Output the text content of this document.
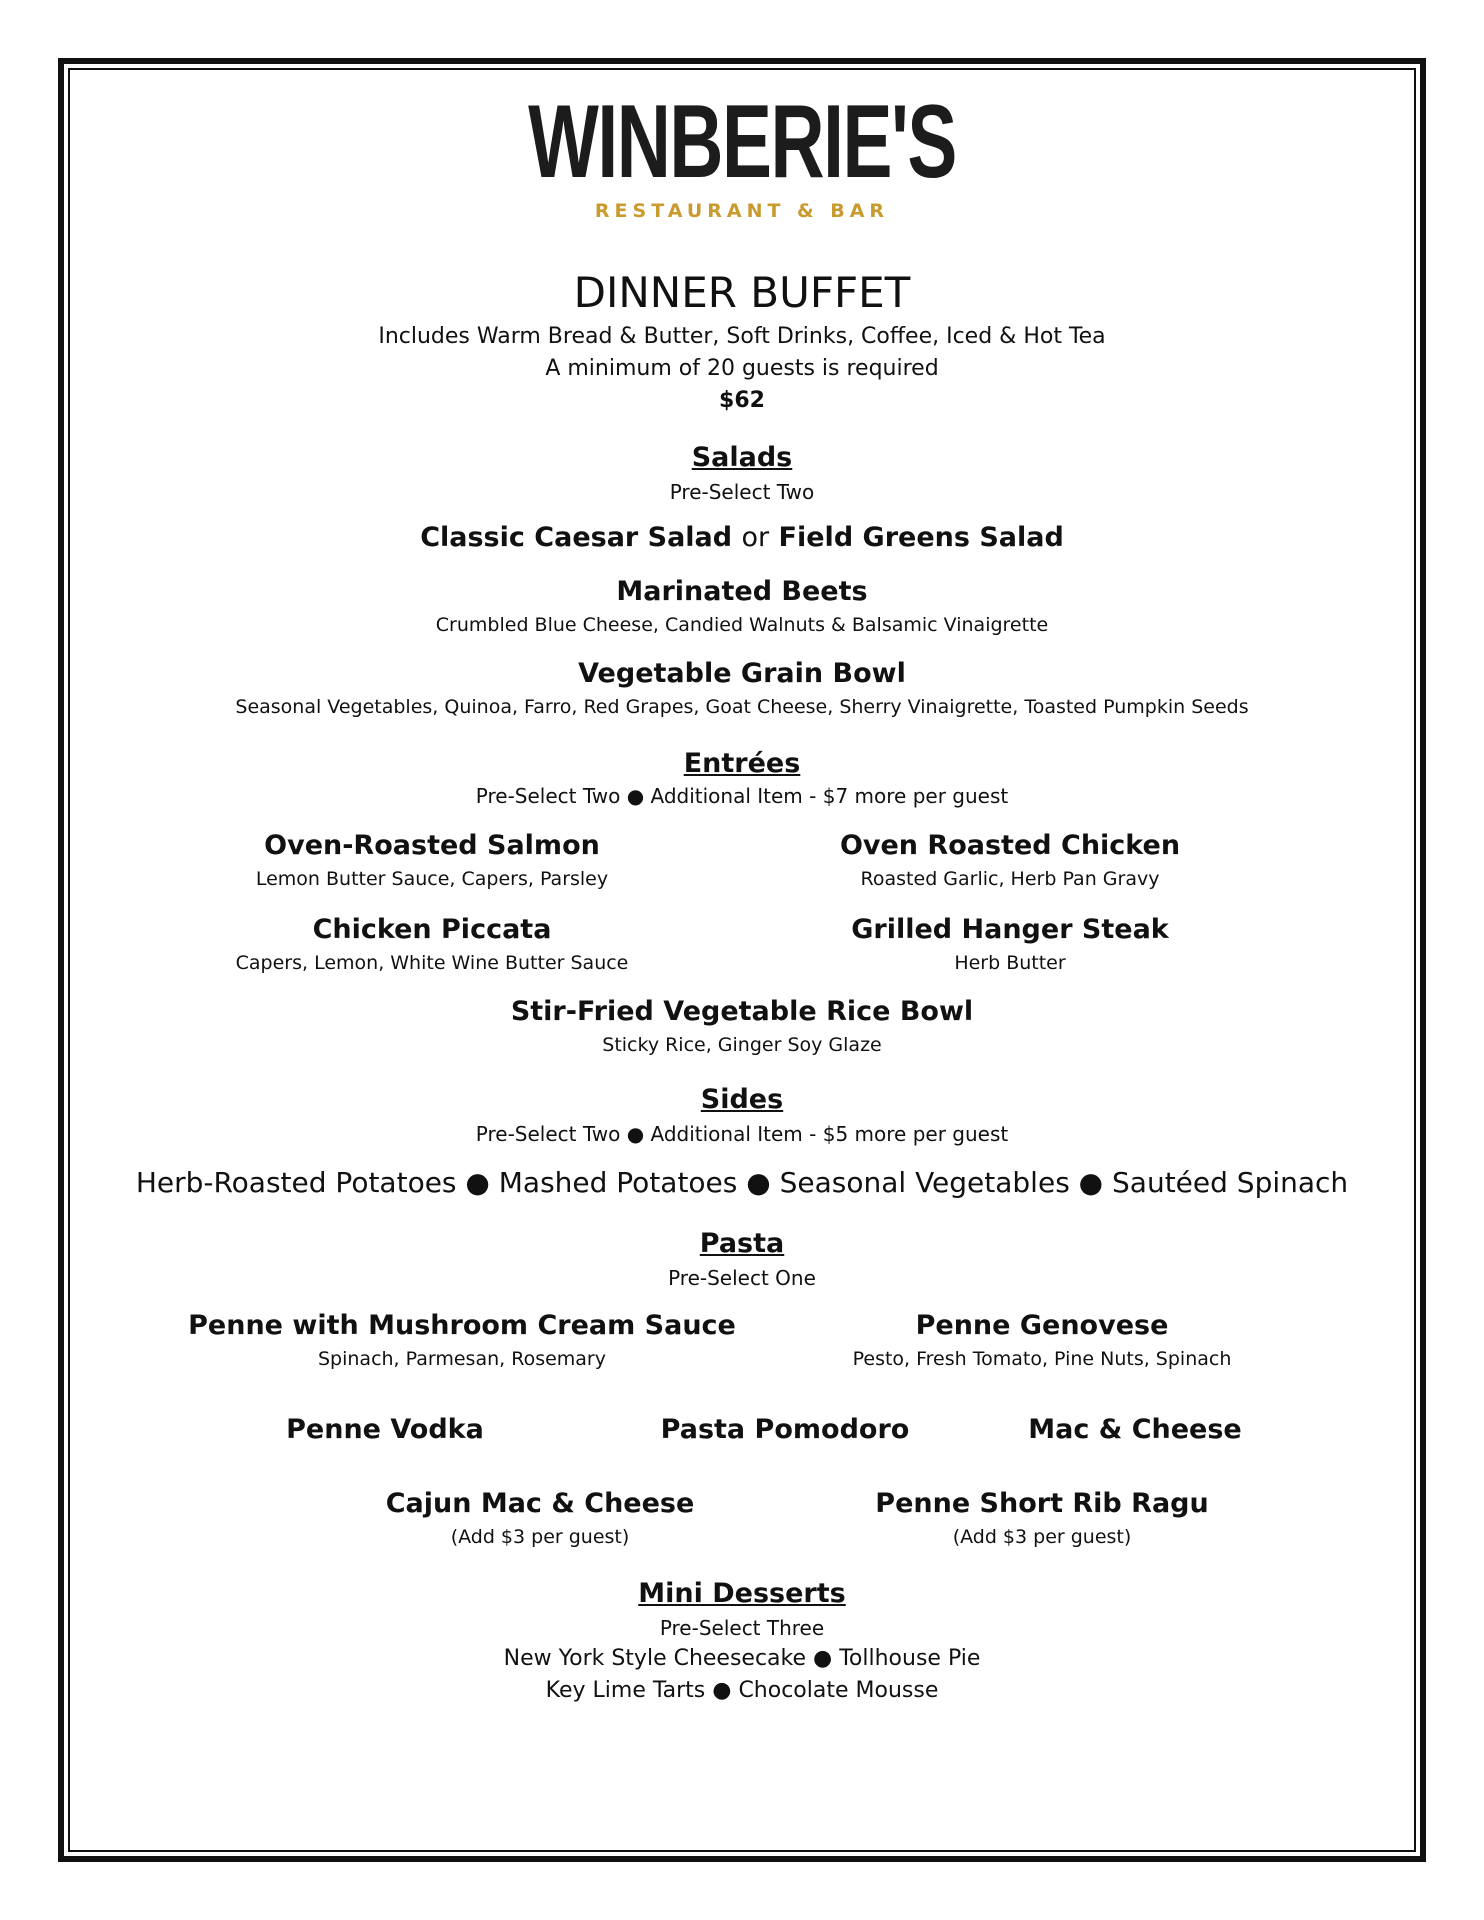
WINBERIE'S
RESTAURANT & BAR
DINNER BUFFET
Includes Warm Bread & Butter, Soft Drinks, Coffee, Iced & Hot Tea
A minimum of 20 guests is required
$62
Salads
Pre-Select Two
Classic Caesar Salad or Field Greens Salad
Marinated Beets
Crumbled Blue Cheese, Candied Walnuts & Balsamic Vinaigrette
Vegetable Grain Bowl
Seasonal Vegetables, Quinoa, Farro, Red Grapes, Goat Cheese, Sherry Vinaigrette, Toasted Pumpkin Seeds
Entrées
Pre-Select Two ● Additional Item - $7 more per guest
Oven-Roasted Salmon
Lemon Butter Sauce, Capers, Parsley
Oven Roasted Chicken
Roasted Garlic, Herb Pan Gravy
Chicken Piccata
Capers, Lemon, White Wine Butter Sauce
Grilled Hanger Steak
Herb Butter
Stir-Fried Vegetable Rice Bowl
Sticky Rice, Ginger Soy Glaze
Sides
Pre-Select Two ● Additional Item - $5 more per guest
Herb-Roasted Potatoes ● Mashed Potatoes ● Seasonal Vegetables ● Sautéed Spinach
Pasta
Pre-Select One
Penne with Mushroom Cream Sauce
Spinach, Parmesan, Rosemary
Penne Genovese
Pesto, Fresh Tomato, Pine Nuts, Spinach
Penne Vodka	Pasta Pomodoro	Mac & Cheese
Cajun Mac & Cheese
(Add $3 per guest)
Penne Short Rib Ragu
(Add $3 per guest)
Mini Desserts
Pre-Select Three
New York Style Cheesecake ● Tollhouse Pie
Key Lime Tarts ● Chocolate Mousse
